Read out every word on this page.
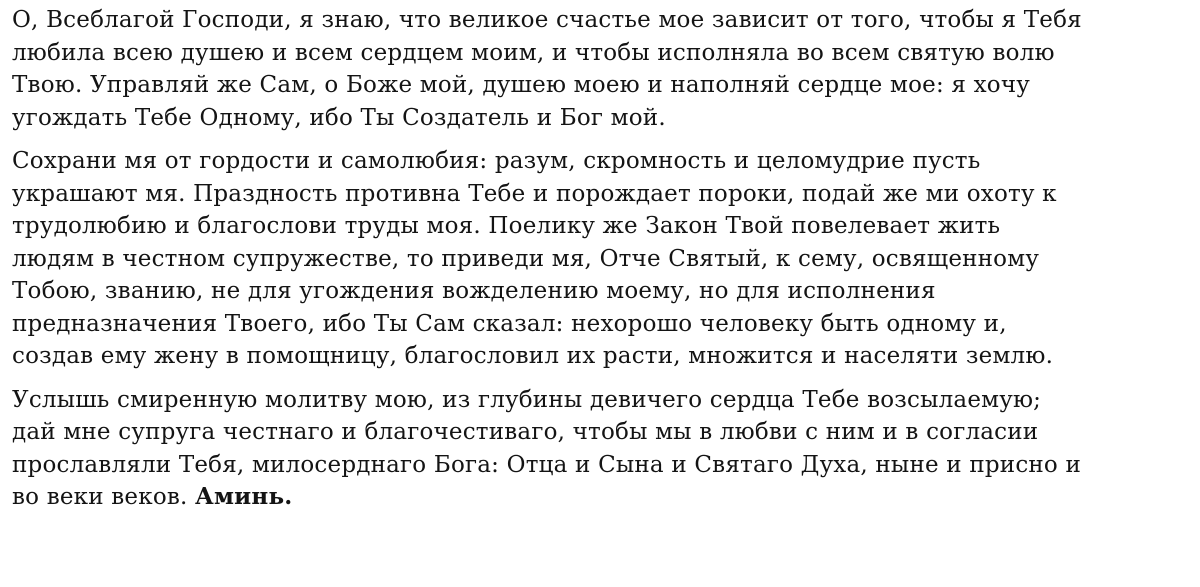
О, Всеблагой Господи, я знаю, что великое счастье мое зависит от того, чтобы я Тебя
любила всею душею и всем сердцем моим, и чтобы исполняла во всем святую волю
Твою. Управляй же Сам, о Боже мой, душею моею и наполняй сердце мое: я хочу
угождать Тебе Одному, ибо Ты Создатель и Бог мой.
Сохрани мя от гордости и самолюбия: разум, скромность и целомудрие пусть
украшают мя. Праздность противна Тебе и порождает пороки, подай же ми охоту к
трудолюбию и благослови труды моя. Поелику же Закон Твой повелевает жить
людям в честном супружестве, то приведи мя, Отче Святый, к сему, освященному
Тобою, званию, не для угождения вожделению моему, но для исполнения
предназначения Твоего, ибо Ты Сам сказал: нехорошо человеку быть одному и,
создав ему жену в помощницу, благословил их расти, множится и населяти землю.
Услышь смиренную молитву мою, из глубины девичего сердца Тебе возсылаемую;
дай мне супруга честнаго и благочестиваго, чтобы мы в любви с ним и в согласии
прославляли Тебя, милосерднаго Бога: Отца и Сына и Святаго Духа, ныне и присно и
во веки веков. Аминь.
